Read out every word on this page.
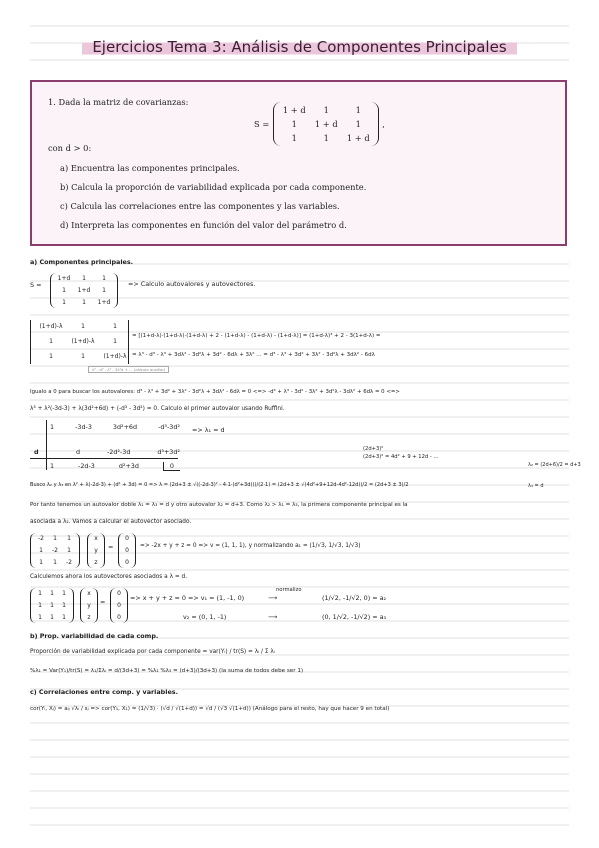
Ejercicios Tema 3: Análisis de Componentes Principales
1. Dada la matriz de covarianzas:
S =
1 + d	1	1
1	1 + d	1
1	1	1 + d
,
con d > 0:
a) Encuentra las componentes principales.
b) Calcula la proporción de variabilidad explicada por cada componente.
c) Calcula las correlaciones entre las componentes y las variables.
d) Interpreta las componentes en función del valor del parámetro d.
a) Componentes principales.
S =
1+d	1	1
1	1+d	1
1	1	1+d
=> Calculo autovalores y autovectores.
(1+d)-λ	1	1
1	(1+d)-λ	1
1	1	(1+d)-λ
= [(1+d-λ)·(1+d-λ)·(1+d-λ) + 2 - (1+d-λ) - (1+d-λ) - (1+d-λ)] = (1+d-λ)³ + 2 - 3(1+d-λ) =
= λ³ - d³ - λ³ + 3dλ² - 3d²λ + 3d² - 6dλ + 3λ² ... = d³ - λ³ + 3d² + 3λ² - 3d²λ + 3dλ² - 6dλ
λ³ - d³ - λ³ - 3λ²d + ... (cálculo auxiliar)
Igualo a 0 para buscar los autovalores: d³ - λ³ + 3d² + 3λ² - 3d²λ + 3dλ² - 6dλ = 0 <=> -d³ + λ³ - 3d² - 3λ² + 3d²λ - 3dλ² + 6dλ = 0 <=>
λ³ + λ²(-3d-3) + λ(3d²+6d) + (-d³ - 3d²) = 0. Calculo el primer autovalor usando Ruffini.
1	-3d-3	3d²+6d	-d³-3d²
d	d	-2d²-3d	d³+3d²
1	-2d-3	d²+3d	0
=> λ₁ = d
(2d+3)²
(2d+3)² = 4d² + 9 + 12d - ...
Busco λ₂ y λ₃ en λ² + λ(-2d-3) + (d² + 3d) = 0 => λ = (2d+3 ± √((-2d-3)² - 4·1·(d²+3d)))/(2·1) = (2d+3 ± √(4d²+9+12d-4d²-12d))/2 = (2d+3 ± 3)/2
λ₂ = (2d+6)/2 = d+3
λ₃ = d
Por tanto tenemos un autovalor doble λ₁ = λ₃ = d y otro autovalor λ₂ = d+3. Como λ₂ > λ₁ = λ₃, la primera componente principal es la
asociada a λ₂. Vamos a calcular el autovector asociado.
-2	1	1
1	-2	1
1	1	-2
x
y
z
=
0
0
0
=> -2x + y + z = 0 => v = (1, 1, 1), y normalizando a₁ = (1/√3, 1/√3, 1/√3)
Calculemos ahora los autovectores asociados a λ = d.
1	1	1
1	1	1
1	1	1
x
y
z
=
0
0
0
=> x + y + z = 0 => v₁ = (1, -1, 0)
normalizo
⟶	(1/√2, -1/√2, 0) = a₂
v₂ = (0, 1, -1)	⟶	(0, 1/√2, -1/√2) = a₃
b) Prop. variabilidad de cada comp.
Proporción de variabilidad explicada por cada componente = var(Yᵢ) / tr(S) = λᵢ / Σ λᵢ
%λ₁ = Var(Y₁)/tr(S) = λ₁/Σλᵢ = d/(3d+3) = %λ₂ %λ₃ = (d+3)/(3d+3) (la suma de todos debe ser 1)
c) Correlaciones entre comp. y variables.
cor(Yᵢ, Xⱼ) = aᵢⱼ √λᵢ / sⱼ => cor(Y₁, X₁) = (1/√3) · (√d / √(1+d)) = √d / (√3 √(1+d)) (Análogo para el resto, hay que hacer 9 en total)
